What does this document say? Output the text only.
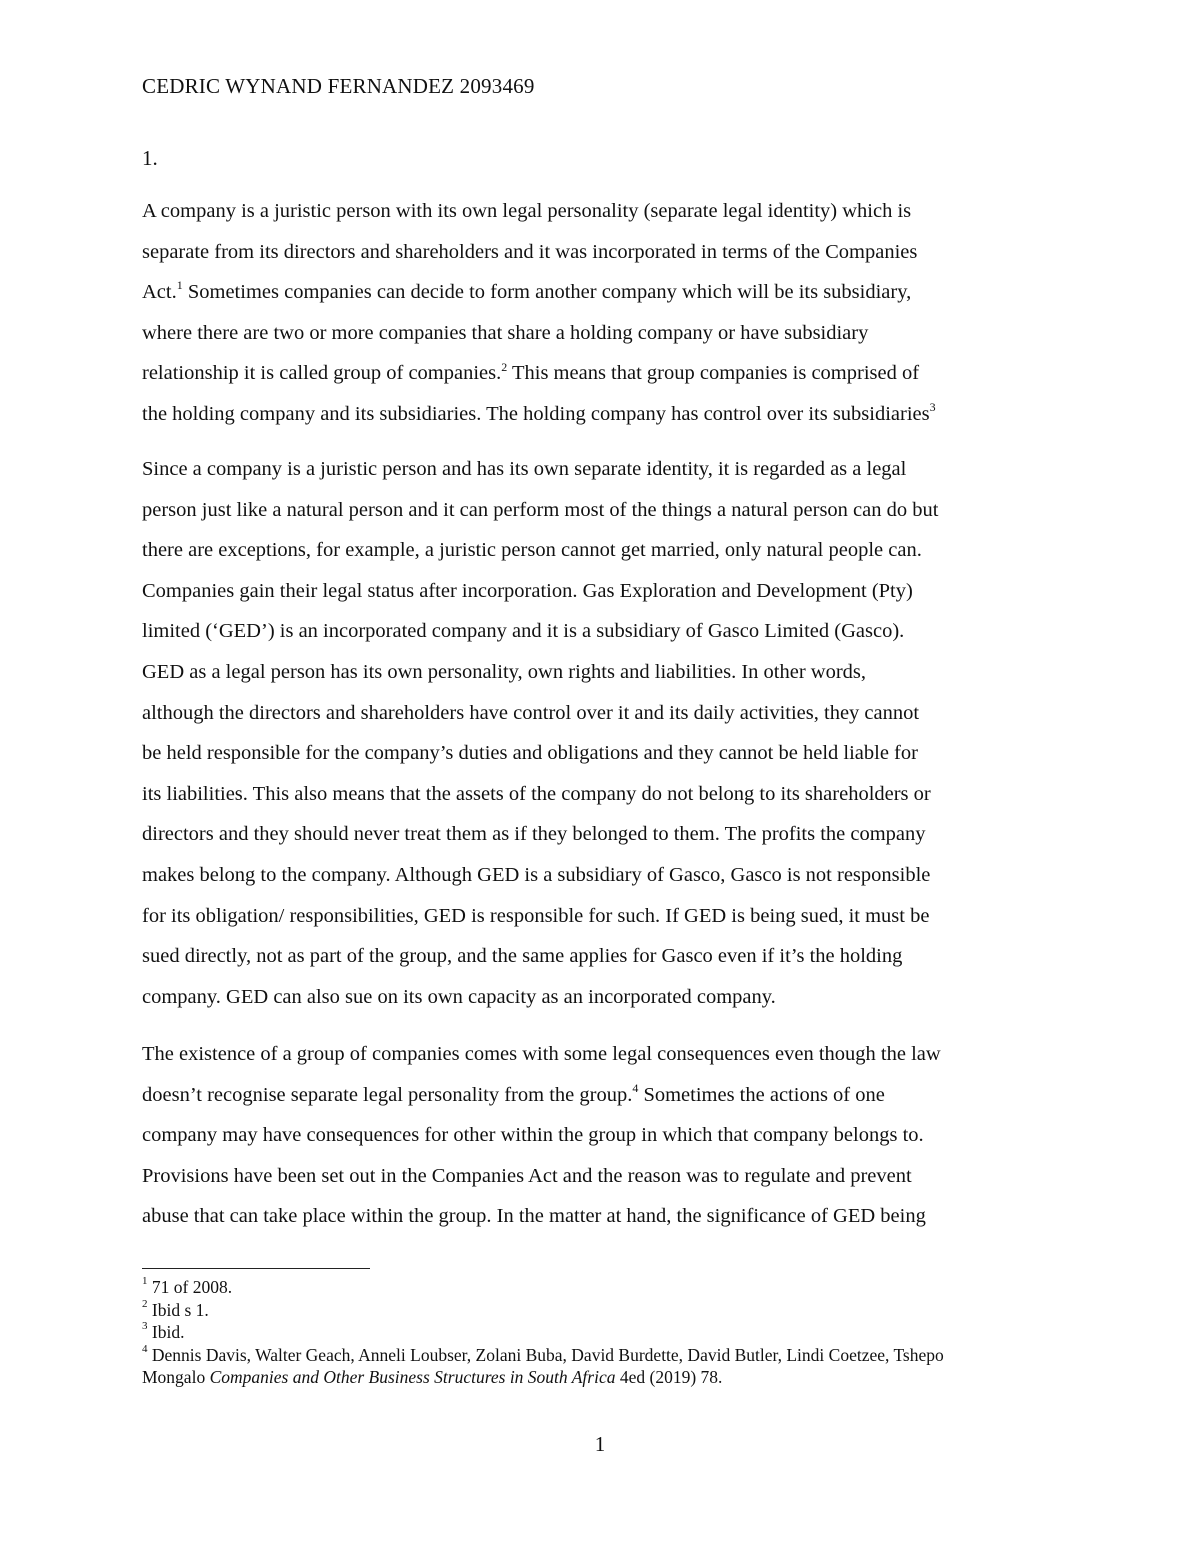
CEDRIC WYNAND FERNANDEZ 2093469
1.
A company is a juristic person with its own legal personality (separate legal identity) which is
separate from its directors and shareholders and it was incorporated in terms of the Companies
Act.$^1$ Sometimes companies can decide to form another company which will be its subsidiary,
where there are two or more companies that share a holding company or have subsidiary
relationship it is called group of companies.$^2$ This means that group companies is comprised of
the holding company and its subsidiaries. The holding company has control over its subsidiaries$^3$
Since a company is a juristic person and has its own separate identity, it is regarded as a legal
person just like a natural person and it can perform most of the things a natural person can do but
there are exceptions, for example, a juristic person cannot get married, only natural people can.
Companies gain their legal status after incorporation. Gas Exploration and Development (Pty)
limited (‘GED’) is an incorporated company and it is a subsidiary of Gasco Limited (Gasco).
GED as a legal person has its own personality, own rights and liabilities. In other words,
although the directors and shareholders have control over it and its daily activities, they cannot
be held responsible for the company’s duties and obligations and they cannot be held liable for
its liabilities. This also means that the assets of the company do not belong to its shareholders or
directors and they should never treat them as if they belonged to them. The profits the company
makes belong to the company. Although GED is a subsidiary of Gasco, Gasco is not responsible
for its obligation/ responsibilities, GED is responsible for such. If GED is being sued, it must be
sued directly, not as part of the group, and the same applies for Gasco even if it’s the holding
company. GED can also sue on its own capacity as an incorporated company.
The existence of a group of companies comes with some legal consequences even though the law
doesn’t recognise separate legal personality from the group.$^4$ Sometimes the actions of one
company may have consequences for other within the group in which that company belongs to.
Provisions have been set out in the Companies Act and the reason was to regulate and prevent
abuse that can take place within the group. In the matter at hand, the significance of GED being
$^1$ 71 of 2008.
$^2$ Ibid s 1.
$^3$ Ibid.
$^4$ Dennis Davis, Walter Geach, Anneli Loubser, Zolani Buba, David Burdette, David Butler, Lindi Coetzee, Tshepo
Mongalo Companies and Other Business Structures in South Africa 4ed (2019) 78.
1
